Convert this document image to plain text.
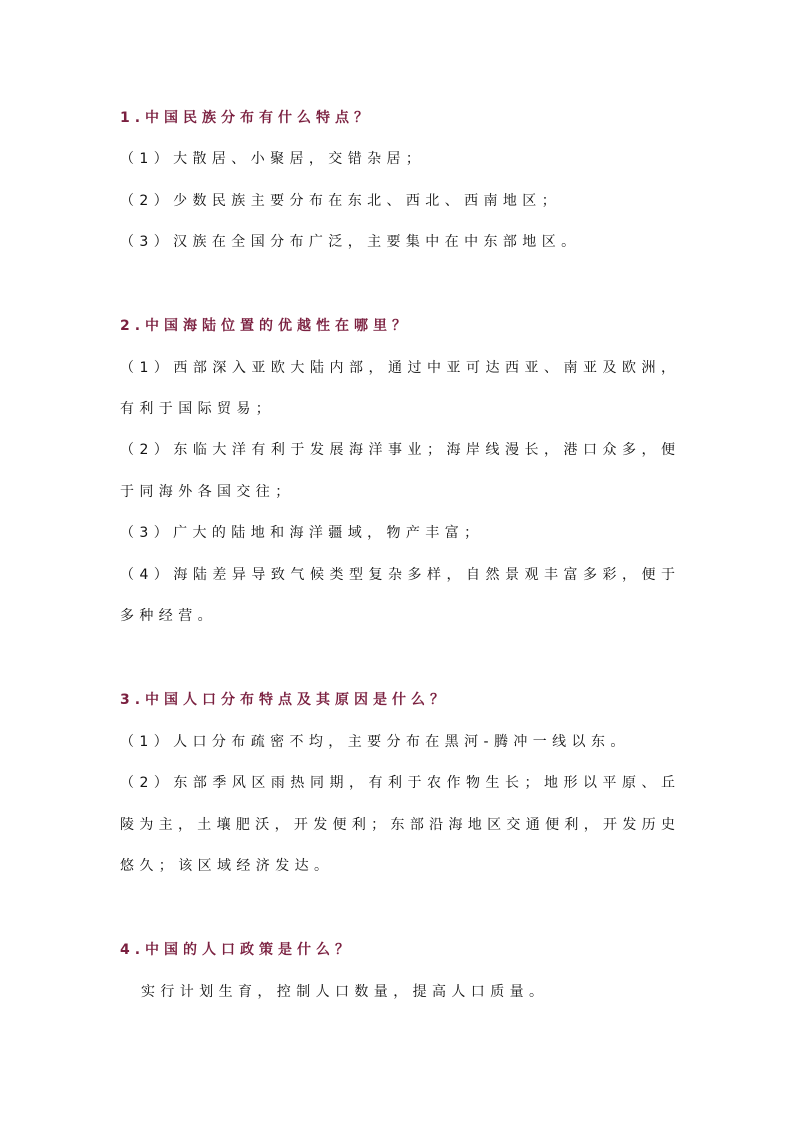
1.中国民族分布有什么特点？
（1）大散居、小聚居，交错杂居；
（2）少数民族主要分布在东北、西北、西南地区；
（3）汉族在全国分布广泛，主要集中在中东部地区。
2.中国海陆位置的优越性在哪里？
（1）西部深入亚欧大陆内部，通过中亚可达西亚、南亚及欧洲，
有利于国际贸易；
（2）东临大洋有利于发展海洋事业；海岸线漫长，港口众多，便
于同海外各国交往；
（3）广大的陆地和海洋疆域，物产丰富；
（4）海陆差异导致气候类型复杂多样，自然景观丰富多彩，便于
多种经营。
3.中国人口分布特点及其原因是什么？
（1）人口分布疏密不均，主要分布在黑河-腾冲一线以东。
（2）东部季风区雨热同期，有利于农作物生长；地形以平原、丘
陵为主，土壤肥沃，开发便利；东部沿海地区交通便利，开发历史
悠久；该区域经济发达。
4.中国的人口政策是什么？
实行计划生育，控制人口数量，提高人口质量。
